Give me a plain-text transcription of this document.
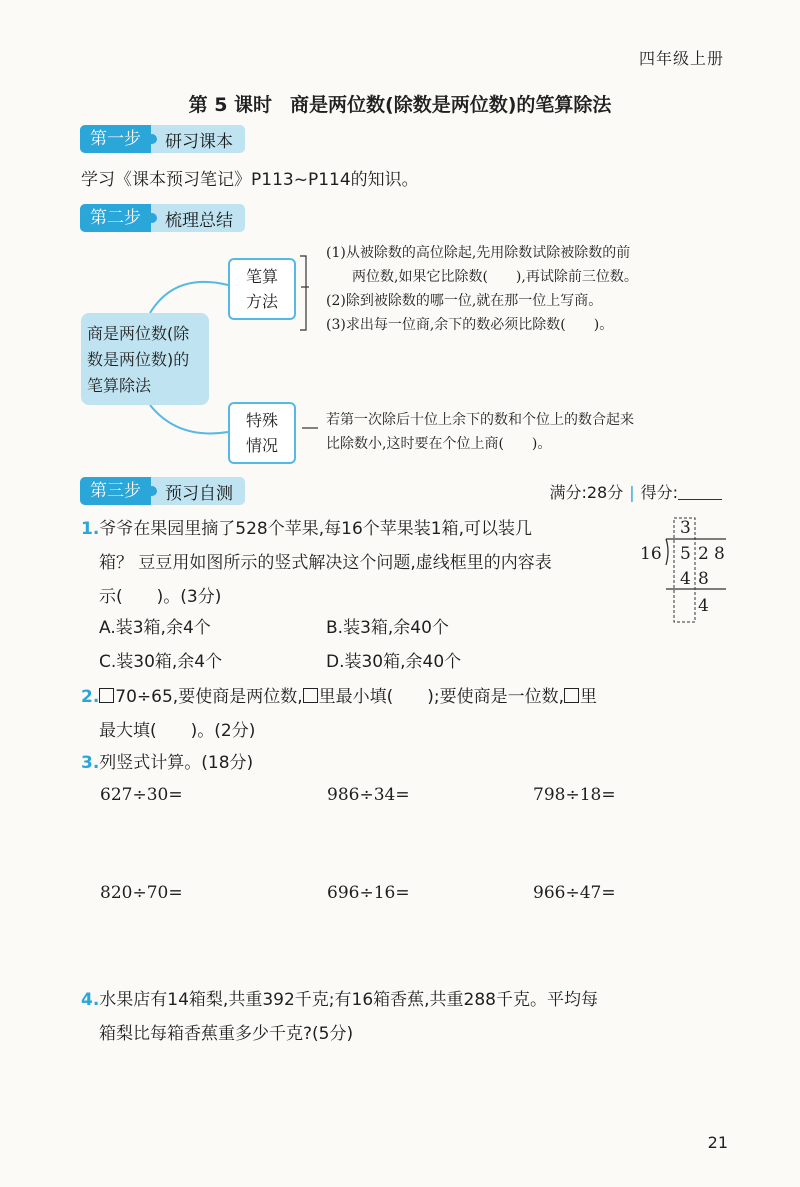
四年级上册
第 5 课时 商是两位数(除数是两位数)的笔算除法
第一步	研习课本
学习《课本预习笔记》P113~P114的知识。
第二步	梳理总结
商是两位数(除
数是两位数)的
笔算除法
笔算
方法
特殊
情况
(1)从被除数的高位除起,先用除数试除被除数的前
两位数,如果它比除数(　　),再试除前三位数。
(2)除到被除数的哪一位,就在那一位上写商。
(3)求出每一位商,余下的数必须比除数(　　)。
若第一次除后十位上余下的数和个位上的数合起来
比除数小,这时要在个位上商(　　)。
第三步	预习自测	满分:28分 | 得分:
1.爷爷在果园里摘了528个苹果,每16个苹果装1箱,可以装几
箱？ 豆豆用如图所示的竖式解决这个问题,虚线框里的内容表
示(　　)。(3分)
A.装3箱,余4个	B.装3箱,余40个
C.装30箱,余4个	D.装30箱,余40个
16
3
5 2 8
4 8
4
2. 70÷65,要使商是两位数, 里最小填(　　);要使商是一位数, 里
最大填(　　)。(2分)
3.列竖式计算。(18分)
627÷30=	986÷34=	798÷18=
820÷70=	696÷16=	966÷47=
4.水果店有14箱梨,共重392千克;有16箱香蕉,共重288千克。平均每
箱梨比每箱香蕉重多少千克?(5分)
21
